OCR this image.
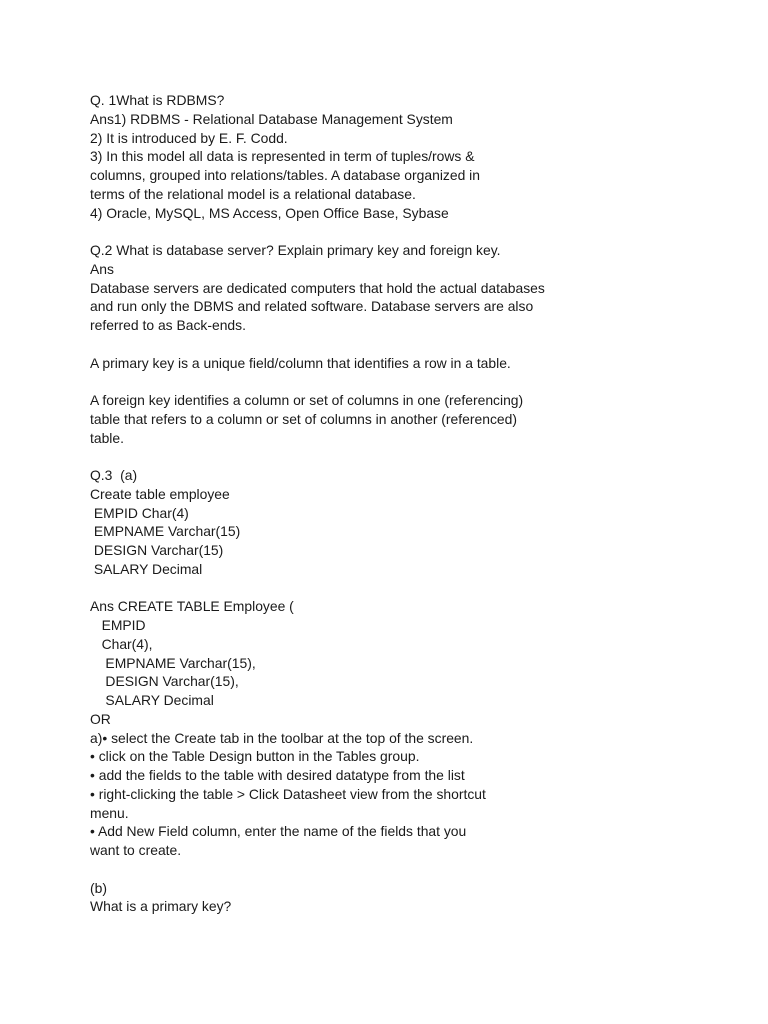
Q. 1What is RDBMS?
Ans1) RDBMS - Relational Database Management System
2) It is introduced by E. F. Codd.
3) In this model all data is represented in term of tuples/rows &
columns, grouped into relations/tables. A database organized in
terms of the relational model is a relational database.
4) Oracle, MySQL, MS Access, Open Office Base, Sybase
Q.2 What is database server? Explain primary key and foreign key.
Ans
Database servers are dedicated computers that hold the actual databases
and run only the DBMS and related software. Database servers are also
referred to as Back-ends.
A primary key is a unique field/column that identifies a row in a table.
A foreign key identifies a column or set of columns in one (referencing)
table that refers to a column or set of columns in another (referenced)
table.
Q.3  (a)
Create table employee
EMPID Char(4)
EMPNAME Varchar(15)
DESIGN Varchar(15)
SALARY Decimal
Ans CREATE TABLE Employee (
EMPID
Char(4),
EMPNAME Varchar(15),
DESIGN Varchar(15),
SALARY Decimal
OR
a)• select the Create tab in the toolbar at the top of the screen.
• click on the Table Design button in the Tables group.
• add the fields to the table with desired datatype from the list
• right-clicking the table > Click Datasheet view from the shortcut
menu.
• Add New Field column, enter the name of the fields that you
want to create.
(b)
What is a primary key?
